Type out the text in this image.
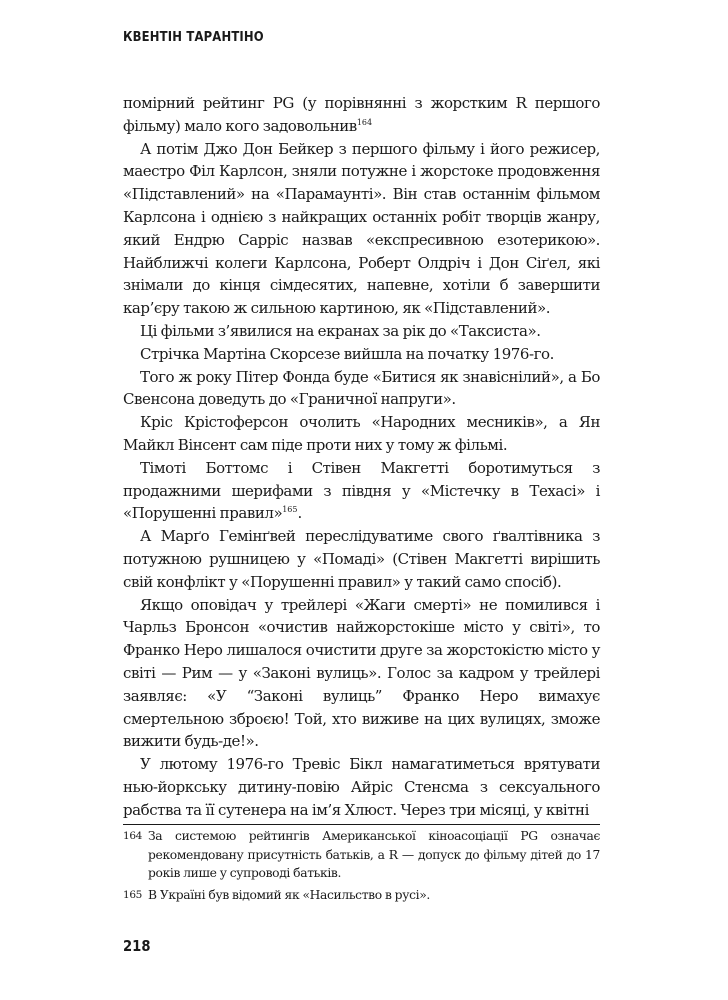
КВЕНТІН ТАРАНТІНО

помірний рейтинг PG (у порівнянні з жорстким R першого фільму) мало кого задовольнив$^{164}$

А потім Джо Дон Бейкер з першого фільму і його режисер, маестро Філ Карлсон, зняли потужне і жорстоке продовження «Підставлений» на «Парамаунті». Він став останнім фільмом Карлсона і однією з найкращих останніх робіт творців жанру, який Ендрю Сарріс назвав «експресивною езотерикою». Найближчі колеги Карлсона, Роберт Олдріч і Дон Сіґел, які знімали до кінця сімдесятих, напевне, хотіли б завершити кар’єру такою ж сильною картиною, як «Підставлений».

Ці фільми з’явилися на екранах за рік до «Таксиста».

Стрічка Мартіна Скорсезе вийшла на початку 1976-го.

Того ж року Пітер Фонда буде «Битися як знавіснілий», а Бо Свенсона доведуть до «Граничної напруги».

Кріс Крістоферсон очолить «Народних месників», а Ян Майкл Вінсент сам піде проти них у тому ж фільмі.

Тімоті Боттомс і Стівен Макгетті боротимуться з продажними шерифами з півдня у «Містечку в Техасі» і «Порушенні правил»$^{165}$.

А Марґо Гемінґвей переслідуватиме свого ґвалтівника з потужною рушницею у «Помаді» (Стівен Макгетті вирішить свій конфлікт у «Порушенні правил» у такий само спосіб).

Якщо оповідач у трейлері «Жаги смерті» не помилився і Чарльз Бронсон «очистив найжорстокіше місто у світі», то Франко Неро лишалося очистити друге за жорстокістю місто у світі — Рим — у «Законі вулиць». Голос за кадром у трейлері заявляє: «У “Законі вулиць” Франко Неро вимахує смертельною зброєю! Той, хто виживе на цих вулицях, зможе вижити будь-де!».

У лютому 1976-го Тревіс Бікл намагатиметься врятувати нью-йоркську дитину-повію Айріс Стенсма з сексуального рабства та її сутенера на ім’я Хлюст. Через три місяці, у квітні

164 За системою рейтингів Американської кіноасоціації PG означає рекомендовану присутність батьків, а R — допуск до фільму дітей до 17 років лише у супроводі батьків.
165 В Україні був відомий як «Насильство в русі».
218
